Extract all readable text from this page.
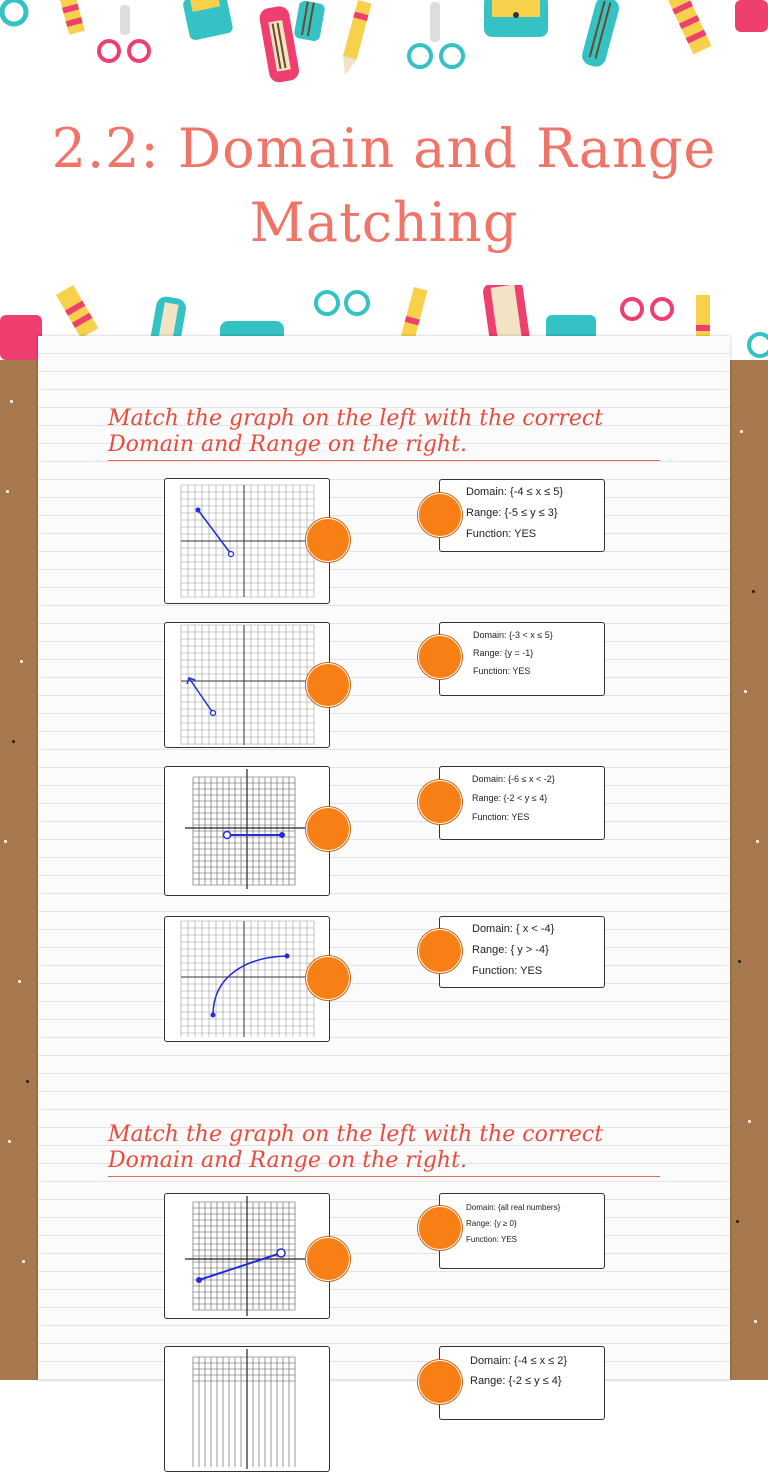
2.2: Domain and Range Matching
Match the graph on the left with the correct Domain and Range on the right.
Domain: {-4 ≤ x ≤ 5}
Range: {-5 ≤ y ≤ 3}
Function: YES
Domain: {-3 < x ≤ 5}
Range: {y = -1}
Function: YES
Domain: {-6 ≤ x < -2}
Range: {-2 < y ≤ 4}
Function: YES
Domain: { x < -4}
Range: { y > -4}
Function: YES
Match the graph on the left with the correct Domain and Range on the right.
Domain: {all real numbers}
Range: {y ≥ 0}
Function: YES
Domain: {-4 ≤ x ≤ 2}
Range: {-2 ≤ y ≤ 4}
